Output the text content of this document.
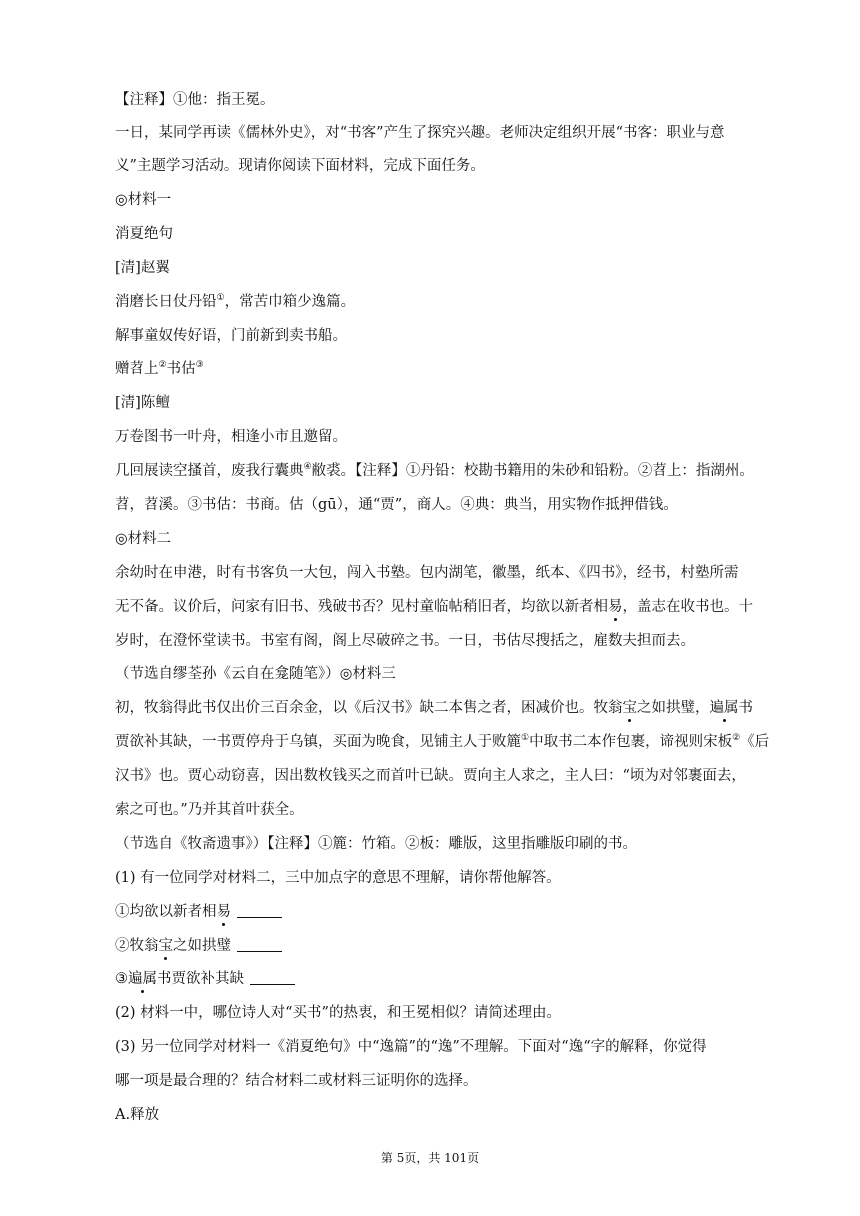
【注释】①他：指王冕。
一日，某同学再读《儒林外史》，对“书客”产生了探究兴趣。老师决定组织开展“书客：职业与意
义”主题学习活动。现请你阅读下面材料，完成下面任务。
◎材料一
消夏绝句
[清]赵翼
消磨长日仗丹铅①，常苦巾箱少逸篇。
解事童奴传好语，门前新到卖书船。
赠苕上②书估③
[清]陈鳣
万卷图书一叶舟，相逢小市且邀留。
几回展读空搔首，废我行囊典④敝裘。【注释】①丹铅：校勘书籍用的朱砂和铅粉。②苕上：指湖州。
苕，苕溪。③书估：书商。估（gū），通“贾”，商人。④典：典当，用实物作抵押借钱。
◎材料二
余幼时在申港，时有书客负一大包，闯入书塾。包内湖笔，徽墨，纸本、《四书》，经书，村塾所需
无不备。议价后，问家有旧书、残破书否？见村童临帖稍旧者，均欲以新者相易，盖志在收书也。十
岁时，在澄怀堂读书。书室有阁，阁上尽破碎之书。一日，书估尽搜括之，雇数夫担而去。
（节选自缪荃孙《云自在龛随笔》）◎材料三
初，牧翁得此书仅出价三百余金，以《后汉书》缺二本售之者，困减价也。牧翁宝之如拱璧，遍属书
贾欲补其缺，一书贾停舟于乌镇，买面为晚食，见铺主人于败簏①中取书二本作包裹，谛视则宋板②《后
汉书》也。贾心动窃喜，因出数枚钱买之而首叶已缺。贾向主人求之，主人曰：“顷为对邻裹面去，
索之可也。”乃并其首叶获全。
（节选自《牧斋遗事》）【注释】①簏：竹箱。②板：雕版，这里指雕版印刷的书。
(1) 有一位同学对材料二，三中加点字的意思不理解，请你帮他解答。
①均欲以新者相易
②牧翁宝之如拱璧
③遍属书贾欲补其缺
(2) 材料一中，哪位诗人对“买书”的热衷，和王冕相似？请简述理由。
(3) 另一位同学对材料一《消夏绝句》中“逸篇”的“逸”不理解。下面对“逸“字的解释，你觉得
哪一项是最合理的？结合材料二或材料三证明你的选择。
A.释放
第 5页，共 101页
